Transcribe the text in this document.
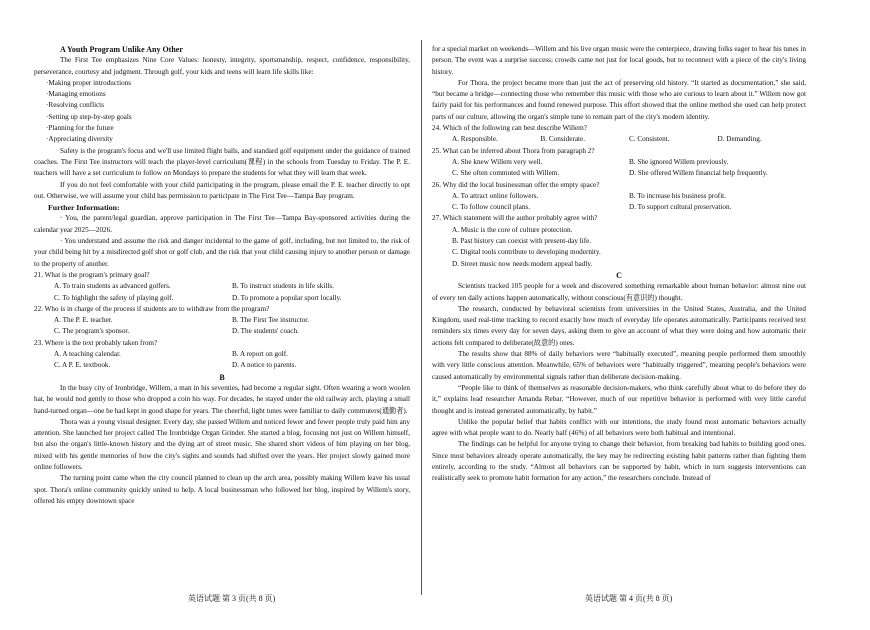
A Youth Program Unlike Any Other

The First Tee emphasizes Nine Core Values: honesty, integrity, sportsmanship, respect, confidence, responsibility, perseverance, courtesy and judgment. Through golf, your kids and teens will learn life skills like:

· Making proper introductions

· Managing emotions

· Resolving conflicts

· Setting up step-by-step goals

· Planning for the future

· Appreciating diversity

Safety is the program's focus and we'll use limited flight balls, and standard golf equipment under the guidance of trained coaches. The First Tee instructors will teach the player-level curriculum(课程) in the schools from Tuesday to Friday. The P. E. teachers will have a set curriculum to follow on Mondays to prepare the students for what they will learn that week.

If you do not feel comfortable with your child participating in the program, please email the P. E. teacher directly to opt out. Otherwise, we will assume your child has permission to participate in The First Tee—Tampa Bay program.

Further Information:

· You, the parent/legal guardian, approve participation in The First Tee—Tampa Bay-sponsored activities during the calendar year 2025—2026.

· You understand and assume the risk and danger incidental to the game of golf, including, but not limited to, the risk of your child being hit by a misdirected golf shot or golf club, and the risk that your child causing injury to another person or damage to the property of another.

21. What is the program's primary goal?

A. To train students as advanced golfers.	B. To instruct students in life skills.
C. To highlight the safety of playing golf.	D. To promote a popular sport locally.

22. Who is in charge of the process if students are to withdraw from the program?

A. The P. E. teacher.	B. The First Tee instructor.
C. The program's sponsor.	D. The students' coach.

23. Where is the text probably taken from?

A. A teaching calendar.	B. A report on golf.
C. A P. E. textbook.	D. A notice to parents.

B

In the busy city of Ironbridge, Willem, a man in his seventies, had become a regular sight. Often wearing a worn woolen hat, he would nod gently to those who dropped a coin his way. For decades, he stayed under the old railway arch, playing a small hand-turned organ—one he had kept in good shape for years. The cheerful, light tunes were familiar to daily commuters(通勤者).

Thora was a young visual designer. Every day, she passed Willem and noticed fewer and fewer people truly paid him any attention. She launched her project called The Ironbridge Organ Grinder. She started a blog, focusing not just on Willem himself, but also the organ's little-known history and the dying art of street music. She shared short videos of him playing on her blog, mixed with his gentle memories of how the city's sights and sounds had shifted over the years. Her project slowly gained more online followers.

The turning point came when the city council planned to clean up the arch area, possibly making Willem leave his usual spot. Thora's online community quickly united to help. A local businessman who followed her blog, inspired by Willem's story, offered his empty downtown space

for a special market on weekends—Willem and his live organ music were the centerpiece, drawing folks eager to hear his tunes in person. The event was a surprise success; crowds came not just for local goods, but to reconnect with a piece of the city's living history.

For Thora, the project became more than just the act of preserving old history. “It started as documentation,” she said, “but became a bridge—connecting those who remember this music with those who are curious to learn about it.” Willem now got fairly paid for his performances and found renewed purpose. This effort showed that the online method she used can help protect parts of our culture, allowing the organ's simple tune to remain part of the city's modern identity.

24. Which of the following can best describe Willem?

A. Responsible.	B. Considerate.	C. Consistent.	D. Demanding.

25. What can be inferred about Thora from paragraph 2?

A. She knew Willem very well.	B. She ignored Willem previously.
C. She often commuted with Willem.	D. She offered Willem financial help frequently.

26. Why did the local businessman offer the empty space?

A. To attract online followers.	B. To increase his business profit.
C. To follow council plans.	D. To support cultural preservation.

27. Which statement will the author probably agree with?

A. Music is the core of culture protection.

B. Past history can coexist with present-day life.

C. Digital tools contribute to developing modernity.

D. Street music now needs modern appeal badly.

C

Scientists tracked 105 people for a week and discovered something remarkable about human behavior: almost nine out of every ten daily actions happen automatically, without conscious(有意识的) thought.

The research, conducted by behavioral scientists from universities in the United States, Australia, and the United Kingdom, used real-time tracking to record exactly how much of everyday life operates automatically. Participants received text reminders six times every day for seven days, asking them to give an account of what they were doing and how automatic their actions felt compared to deliberate(故意的) ones.

The results show that 88% of daily behaviors were “habitually executed”, meaning people performed them smoothly with very little conscious attention. Meanwhile, 65% of behaviors were “habitually triggered”, meaning people's behaviors were caused automatically by environmental signals rather than deliberate decision-making.

“People like to think of themselves as reasonable decision-makers, who think carefully about what to do before they do it,” explains lead researcher Amanda Rebar. “However, much of our repetitive behavior is performed with very little careful thought and is instead generated automatically, by habit.”

Unlike the popular belief that habits conflict with our intentions, the study found most automatic behaviors actually agree with what people want to do. Nearly half (46%) of all behaviors were both habitual and intentional.

The findings can be helpful for anyone trying to change their behavior, from breaking bad habits to building good ones. Since most behaviors already operate automatically, the key may be redirecting existing habit patterns rather than fighting them entirely, according to the study. “Almost all behaviors can be supported by habit, which in turn suggests interventions can realistically seek to promote habit formation for any action,” the researchers conclude. Instead of

英语试题 第 3 页(共 8 页)	英语试题 第 4 页(共 8 页)
